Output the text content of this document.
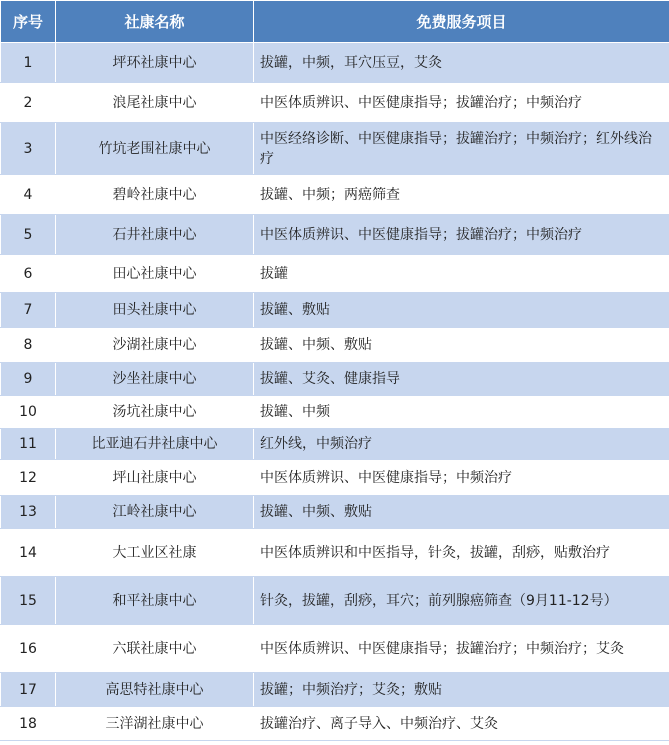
序号	社康名称	免费服务项目
1	坪环社康中心	拔罐，中频，耳穴压豆，艾灸
2	浪尾社康中心	中医体质辨识、中医健康指导；拔罐治疗；中频治疗
3	竹坑老围社康中心	中医经络诊断、中医健康指导；拔罐治疗；中频治疗；红外线治疗
4	碧岭社康中心	拔罐、中频；两癌筛查
5	石井社康中心	中医体质辨识、中医健康指导；拔罐治疗；中频治疗
6	田心社康中心	拔罐
7	田头社康中心	拔罐、敷贴
8	沙湖社康中心	拔罐、中频、敷贴
9	沙坐社康中心	拔罐、艾灸、健康指导
10	汤坑社康中心	拔罐、中频
11	比亚迪石井社康中心	红外线，中频治疗
12	坪山社康中心	中医体质辨识、中医健康指导；中频治疗
13	江岭社康中心	拔罐、中频、敷贴
14	大工业区社康	中医体质辨识和中医指导，针灸，拔罐，刮痧，贴敷治疗
15	和平社康中心	针灸，拔罐，刮痧，耳穴；前列腺癌筛查（9月11-12号）
16	六联社康中心	中医体质辨识、中医健康指导；拔罐治疗；中频治疗；艾灸
17	高思特社康中心	拔罐；中频治疗；艾灸；敷贴
18	三洋湖社康中心	拔罐治疗、离子导入、中频治疗、艾灸
